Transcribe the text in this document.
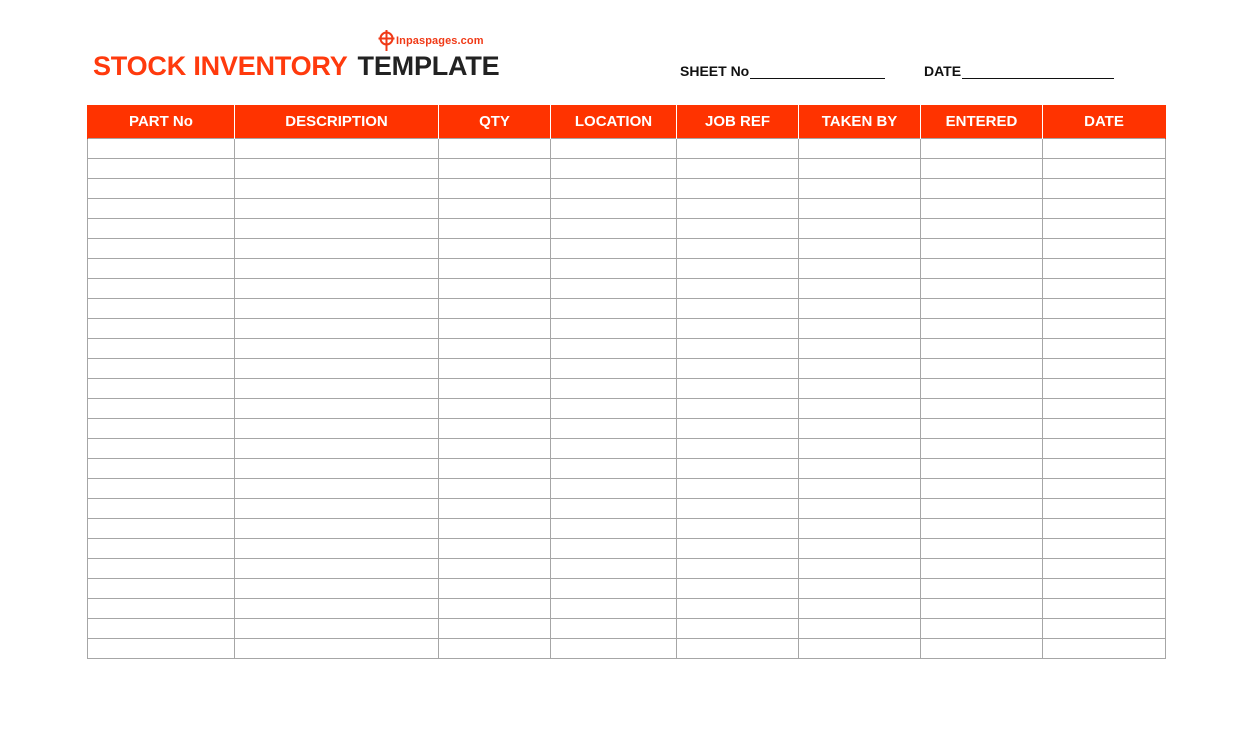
Inpaspages.com
STOCK INVENTORY TEMPLATE	SHEET No	DATE
PART No	DESCRIPTION	QTY	LOCATION	JOB REF	TAKEN BY	ENTERED	DATE
